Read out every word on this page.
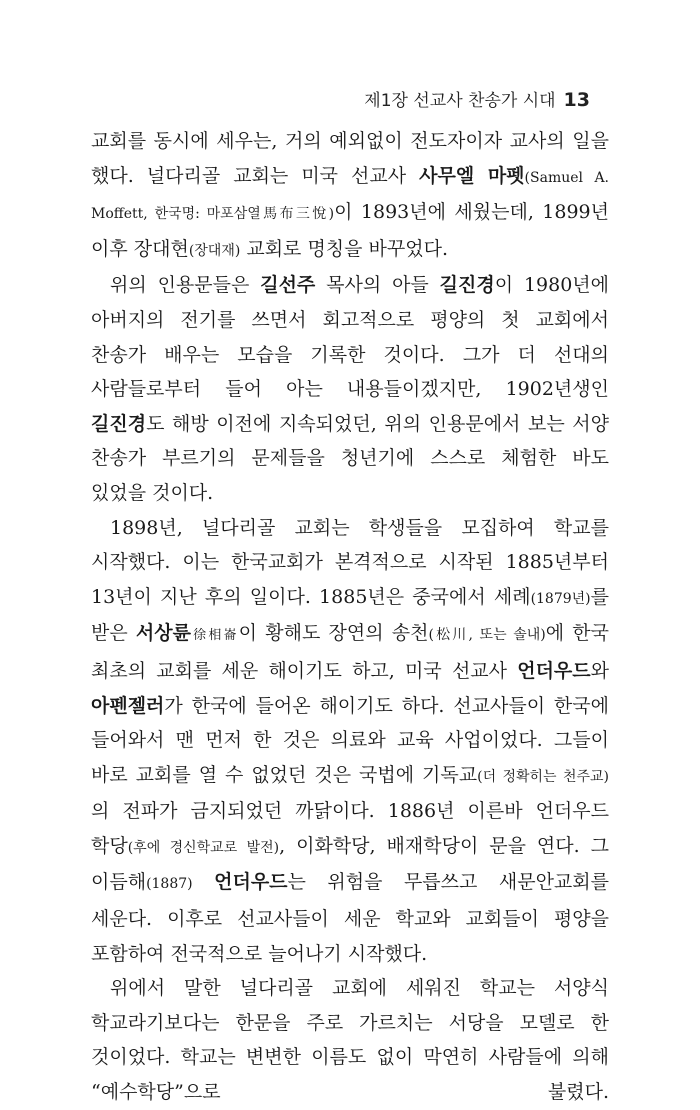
제1장 선교사 찬송가 시대 13

교회를 동시에 세우는, 거의 예외없이 전도자이자 교사의 일을 했다. 널다리골 교회는 미국 선교사 사무엘 마펫(Samuel A. Moffett, 한국명: 마포삼열馬布三悅)이 1893년에 세웠는데, 1899년 이후 장대현(장대재) 교회로 명칭을 바꾸었다.

위의 인용문들은 길선주 목사의 아들 길진경이 1980년에 아버지의 전기를 쓰면서 회고적으로 평양의 첫 교회에서 찬송가 배우는 모습을 기록한 것이다. 그가 더 선대의 사람들로부터 들어 아는 내용들이겠지만, 1902년생인 길진경도 해방 이전에 지속되었던, 위의 인용문에서 보는 서양 찬송가 부르기의 문제들을 청년기에 스스로 체험한 바도 있었을 것이다.

1898년, 널다리골 교회는 학생들을 모집하여 학교를 시작했다. 이는 한국교회가 본격적으로 시작된 1885년부터 13년이 지난 후의 일이다. 1885년은 중국에서 세례(1879년)를 받은 서상륜徐相崙이 황해도 장연의 송천(松川, 또는 솔내)에 한국 최초의 교회를 세운 해이기도 하고, 미국 선교사 언더우드와 아펜젤러가 한국에 들어온 해이기도 하다. 선교사들이 한국에 들어와서 맨 먼저 한 것은 의료와 교육 사업이었다. 그들이 바로 교회를 열 수 없었던 것은 국법에 기독교(더 정확히는 천주교)의 전파가 금지되었던 까닭이다. 1886년 이른바 언더우드 학당(후에 경신학교로 발전), 이화학당, 배재학당이 문을 연다. 그 이듬해(1887) 언더우드는 위험을 무릅쓰고 새문안교회를 세운다. 이후로 선교사들이 세운 학교와 교회들이 평양을 포함하여 전국적으로 늘어나기 시작했다.

위에서 말한 널다리골 교회에 세워진 학교는 서양식 학교라기보다는 한문을 주로 가르치는 서당을 모델로 한 것이었다. 학교는 변변한 이름도 없이 막연히 사람들에 의해 “예수학당”으로 불렸다.
